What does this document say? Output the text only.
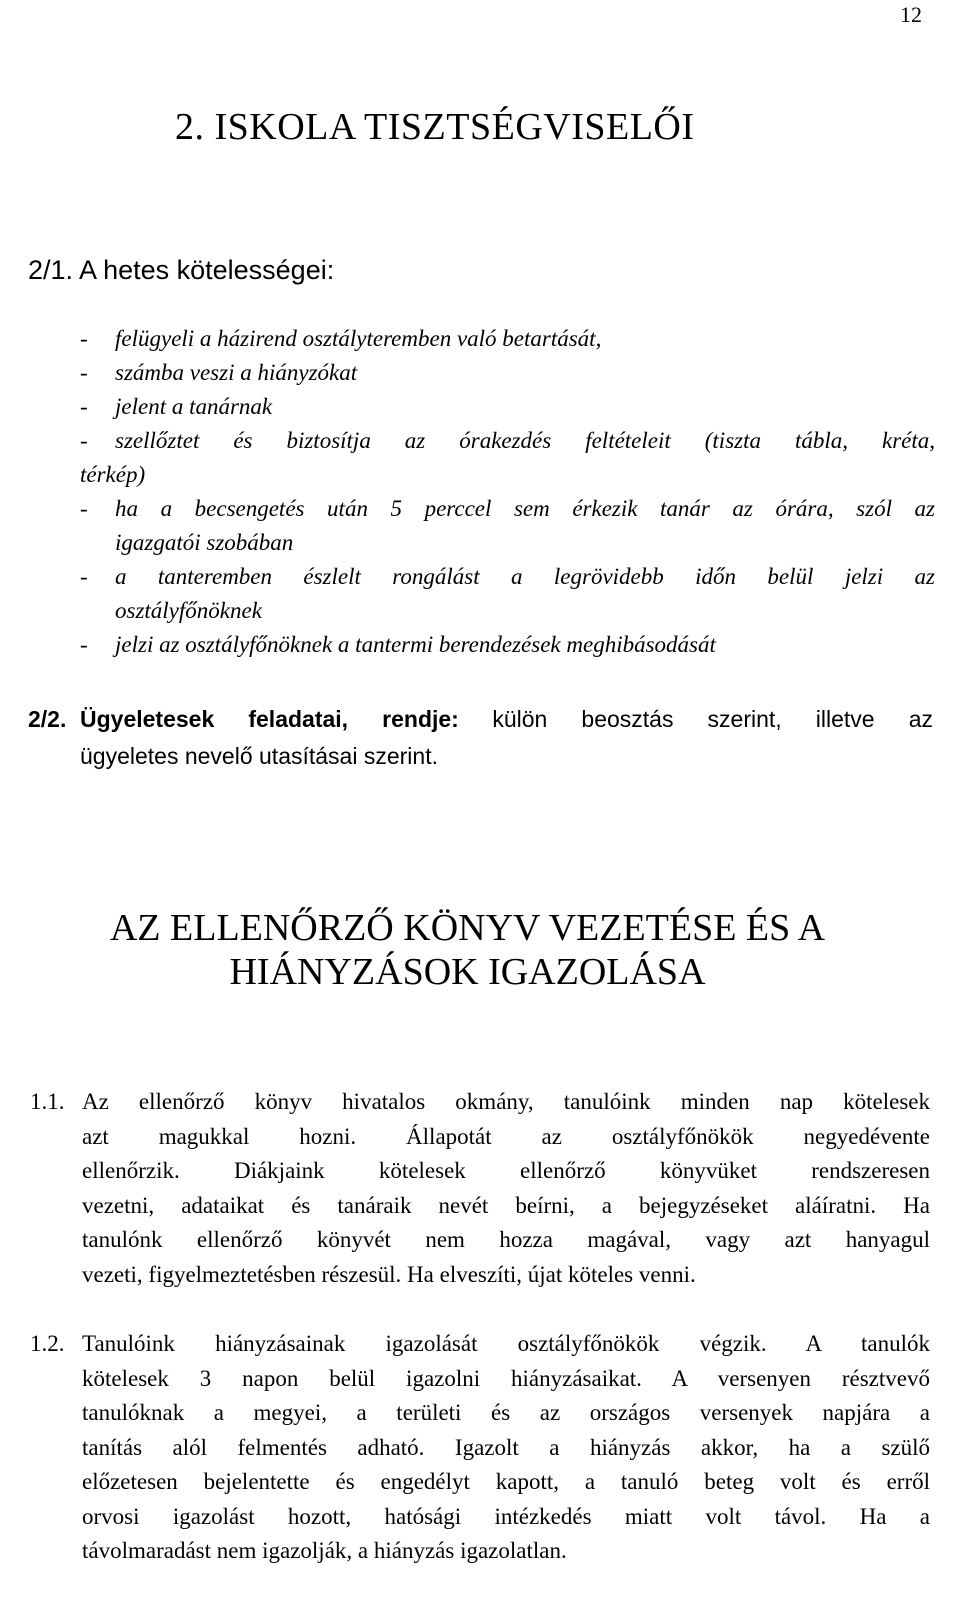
12
2. ISKOLA TISZTSÉGVISELŐI
2/1. A hetes kötelességei:
- felügyeli a házirend osztályteremben való betartását,
- számba veszi a hiányzókat
- jelent a tanárnak
- szellőztet és biztosítja az órakezdés feltételeit (tiszta tábla, kréta,
térkép)
- ha a becsengetés után 5 perccel sem érkezik tanár az órára, szól az
igazgatói szobában
- a tanteremben észlelt rongálást a legrövidebb időn belül jelzi az
osztályfőnöknek
- jelzi az osztályfőnöknek a tantermi berendezések meghibásodását
2/2. Ügyeletesek feladatai, rendje: külön beosztás szerint, illetve az
ügyeletes nevelő utasításai szerint.
AZ ELLENŐRZŐ KÖNYV VEZETÉSE ÉS A
HIÁNYZÁSOK IGAZOLÁSA
1.1. Az ellenőrző könyv hivatalos okmány, tanulóink minden nap kötelesek
azt magukkal hozni. Állapotát az osztályfőnökök negyedévente
ellenőrzik. Diákjaink kötelesek ellenőrző könyvüket rendszeresen
vezetni, adataikat és tanáraik nevét beírni, a bejegyzéseket aláíratni. Ha
tanulónk ellenőrző könyvét nem hozza magával, vagy azt hanyagul
vezeti, figyelmeztetésben részesül. Ha elveszíti, újat köteles venni.
1.2. Tanulóink hiányzásainak igazolását osztályfőnökök végzik. A tanulók
kötelesek 3 napon belül igazolni hiányzásaikat. A versenyen résztvevő
tanulóknak a megyei, a területi és az országos versenyek napjára a
tanítás alól felmentés adható. Igazolt a hiányzás akkor, ha a szülő
előzetesen bejelentette és engedélyt kapott, a tanuló beteg volt és erről
orvosi igazolást hozott, hatósági intézkedés miatt volt távol. Ha a
távolmaradást nem igazolják, a hiányzás igazolatlan.
